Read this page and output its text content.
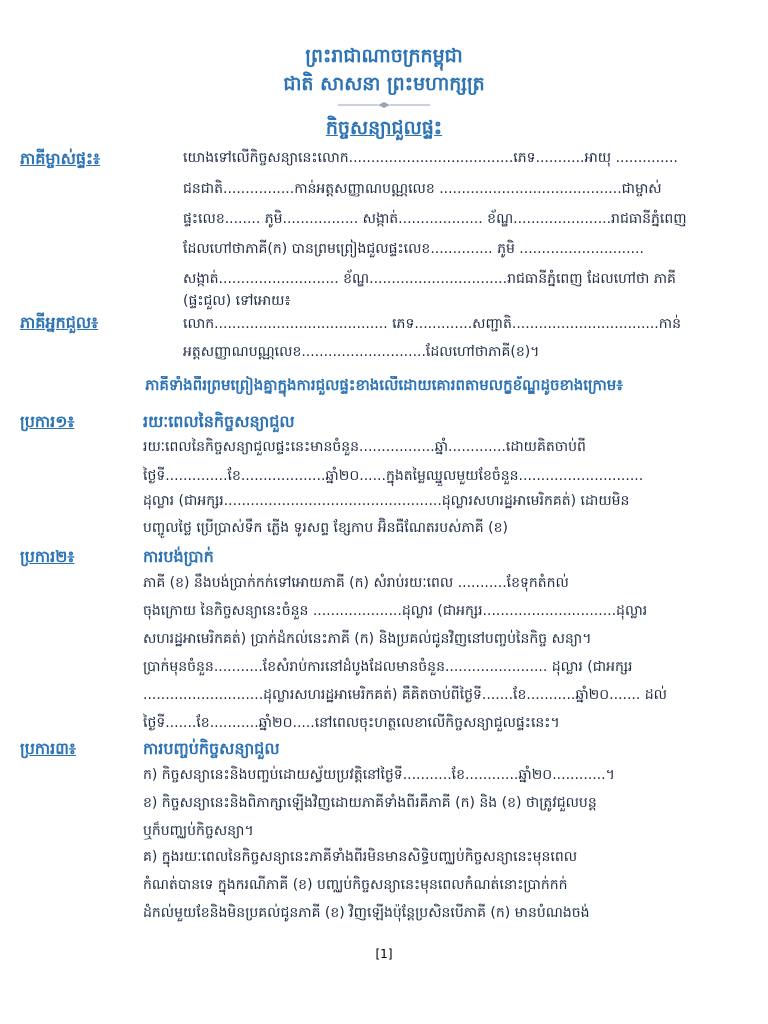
ព្រះរាជាណាចក្រកម្ពុជា
ជាតិ សាសនា ព្រះមហាក្សត្រ
កិច្ចសន្យាជួលផ្ទះ
ភាគីម្ចាស់ផ្ទះ៖	យោងទៅលើកិច្ចសន្យានេះលោក.....................................ភេទ...........អាយុ ..............
ជនជាតិ................កាន់អត្តសញ្ញាណបណ្ណលេខ .........................................ជាម្ចាស់
ផ្ទះលេខ........ ភូមិ................. សង្កាត់................... ខ័ណ្ឌ......................រាជធានីភ្នំពេញ
ដែលហៅថាភាគី(ក) បានព្រមព្រៀងជួលផ្ទះលេខ.............. ភូមិ ............................
សង្កាត់........................... ខ័ណ្ឌ...............................រាជធានីភ្នំពេញ ដែលហៅថា ភាគី
(ផ្ទះជួល) ទៅអោយ៖
ភាគីអ្នកជួល៖	លោក....................................... ភេទ.............សញ្ជាតិ.................................កាន់
អត្តសញ្ញាណបណ្ណលេខ............................ដែលហៅថាភាគី(ខ)។
ភាគីទាំងពីរព្រមព្រៀងគ្នាក្នុងការជួលផ្ទះខាងលើដោយគោរពតាមលក្ខខ័ណ្ឌដូចខាងក្រោម៖
ប្រការ១៖	រយៈពេលនៃកិច្ចសន្យាជួល
រយៈពេលនៃកិច្ចសន្យាជួលផ្ទះនេះមានចំនួន.................ឆ្នាំ.............ដោយគិតចាប់ពី
ថ្ងៃទី..............ខែ...................ឆ្នាំ២០......ក្នុងតម្លៃឈ្នួលមួយខែចំនួន............................
ដុល្លារ (ជាអក្សរ.................................................ដុល្លារសហរដ្ឋអាមេរិកគត់) ដោយមិន
បញ្ចូលថ្លៃ ប្រើប្រាស់ទឹក ភ្លើង ទូរសព្ទ ខ្សែកាប អ៊ិនធឺណែតរបស់ភាគី (ខ)
ប្រការ២៖	ការបង់ប្រាក់
ភាគី (ខ) នឹងបង់ប្រាក់កក់ទៅអោយភាគី (ក) សំរាប់រយៈពេល ...........ខែទុកតំកល់
ចុងក្រោយ នៃកិច្ចសន្យានេះចំនួន ....................ដុល្លារ (ជាអក្សរ..............................ដុល្លារ
សហរដ្ឋអាមេរិកគត់) ប្រាក់ដំកល់នេះភាគី (ក) និងប្រគល់ជូនវិញនៅបញ្ចប់នៃកិច្ច សន្យា។
ប្រាក់មុនចំនួន...........ខែសំរាប់ការនៅដំបូងដែលមានចំនួន....................... ដុល្លារ (ជាអក្សរ
...........................ដុល្លារសហរដ្ឋអាមេរិកគត់) គឺគិតចាប់ពីថ្ងៃទី.......ខែ...........ឆ្នាំ២០....... ដល់
ថ្ងៃទី.......ខែ...........ឆ្នាំ២០.....នៅពេលចុះហត្ថលេខាលើកិច្ចសន្យាជួលផ្ទះនេះ។
ប្រការ៣៖	ការបញ្ចប់កិច្ចសន្យាជួល
ក) កិច្ចសន្យានេះនិងបញ្ចប់ដោយស្វ័យប្រវត្តិនៅថ្ងៃទី...........ខែ............ឆ្នាំ២០............។
ខ) កិច្ចសន្យានេះនិងពិភាក្សាឡើងវិញដោយភាគីទាំងពីរគឺភាគី (ក) និង (ខ) ថាត្រូវជួលបន្ត
ឬក៏បញ្ឈប់កិច្ចសន្យា។
គ) ក្នុងរយៈពេលនៃកិច្ចសន្យានេះភាគីទាំងពីរមិនមានសិទ្ធិបញ្ឈប់កិច្ចសន្យានេះមុនពេល
កំណត់បានទេ ក្នុងករណីភាគី (ខ) បញ្ឈប់កិច្ចសន្យានេះមុនពេលកំណត់នោះប្រាក់កក់
ដំកល់មួយខែនិងមិនប្រគល់ជូនភាគី (ខ) វិញឡើងប៉ុន្តែប្រសិនបើភាគី (ក) មានបំណងចង់
[1]
